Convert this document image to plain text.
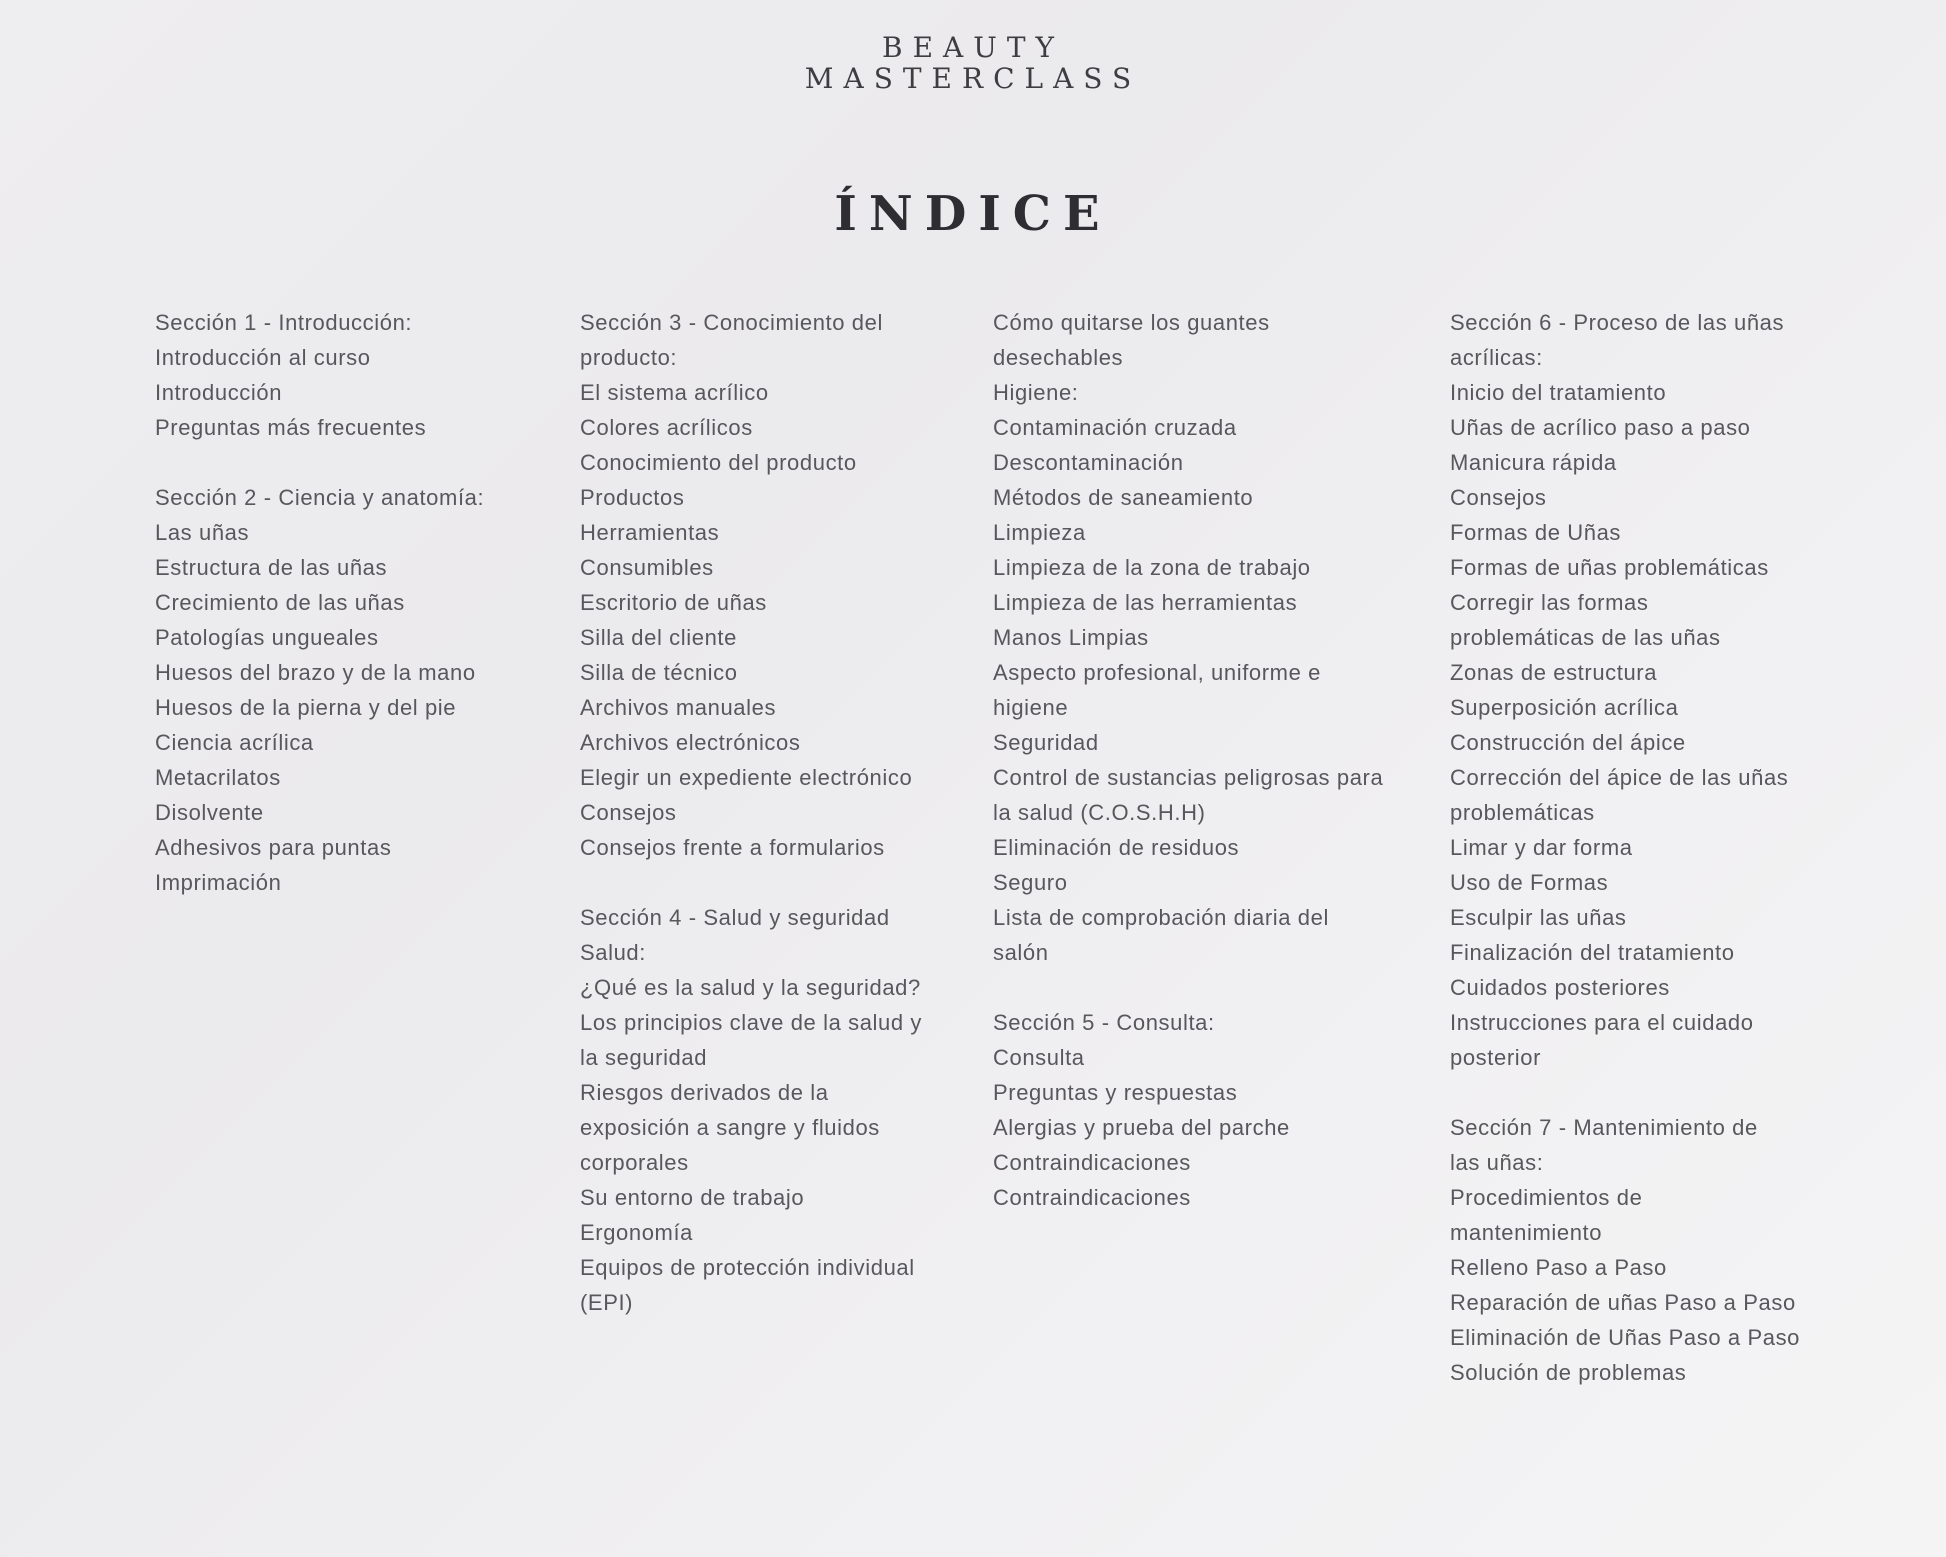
BEAUTY
MASTERCLASS
ÍNDICE
Sección 1 - Introducción:
Introducción al curso
Introducción
Preguntas más frecuentes
Sección 2 - Ciencia y anatomía:
Las uñas
Estructura de las uñas
Crecimiento de las uñas
Patologías ungueales
Huesos del brazo y de la mano
Huesos de la pierna y del pie
Ciencia acrílica
Metacrilatos
Disolvente
Adhesivos para puntas
Imprimación
Sección 3 - Conocimiento del
producto:
El sistema acrílico
Colores acrílicos
Conocimiento del producto
Productos
Herramientas
Consumibles
Escritorio de uñas
Silla del cliente
Silla de técnico
Archivos manuales
Archivos electrónicos
Elegir un expediente electrónico
Consejos
Consejos frente a formularios
Sección 4 - Salud y seguridad
Salud:
¿Qué es la salud y la seguridad?
Los principios clave de la salud y
la seguridad
Riesgos derivados de la
exposición a sangre y fluidos
corporales
Su entorno de trabajo
Ergonomía
Equipos de protección individual
(EPI)
Cómo quitarse los guantes
desechables
Higiene:
Contaminación cruzada
Descontaminación
Métodos de saneamiento
Limpieza
Limpieza de la zona de trabajo
Limpieza de las herramientas
Manos Limpias
Aspecto profesional, uniforme e
higiene
Seguridad
Control de sustancias peligrosas para
la salud (C.O.S.H.H)
Eliminación de residuos
Seguro
Lista de comprobación diaria del
salón
Sección 5 - Consulta:
Consulta
Preguntas y respuestas
Alergias y prueba del parche
Contraindicaciones
Contraindicaciones
Sección 6 - Proceso de las uñas
acrílicas:
Inicio del tratamiento
Uñas de acrílico paso a paso
Manicura rápida
Consejos
Formas de Uñas
Formas de uñas problemáticas
Corregir las formas
problemáticas de las uñas
Zonas de estructura
Superposición acrílica
Construcción del ápice
Corrección del ápice de las uñas
problemáticas
Limar y dar forma
Uso de Formas
Esculpir las uñas
Finalización del tratamiento
Cuidados posteriores
Instrucciones para el cuidado
posterior
Sección 7 - Mantenimiento de
las uñas:
Procedimientos de
mantenimiento
Relleno Paso a Paso
Reparación de uñas Paso a Paso
Eliminación de Uñas Paso a Paso
Solución de problemas
